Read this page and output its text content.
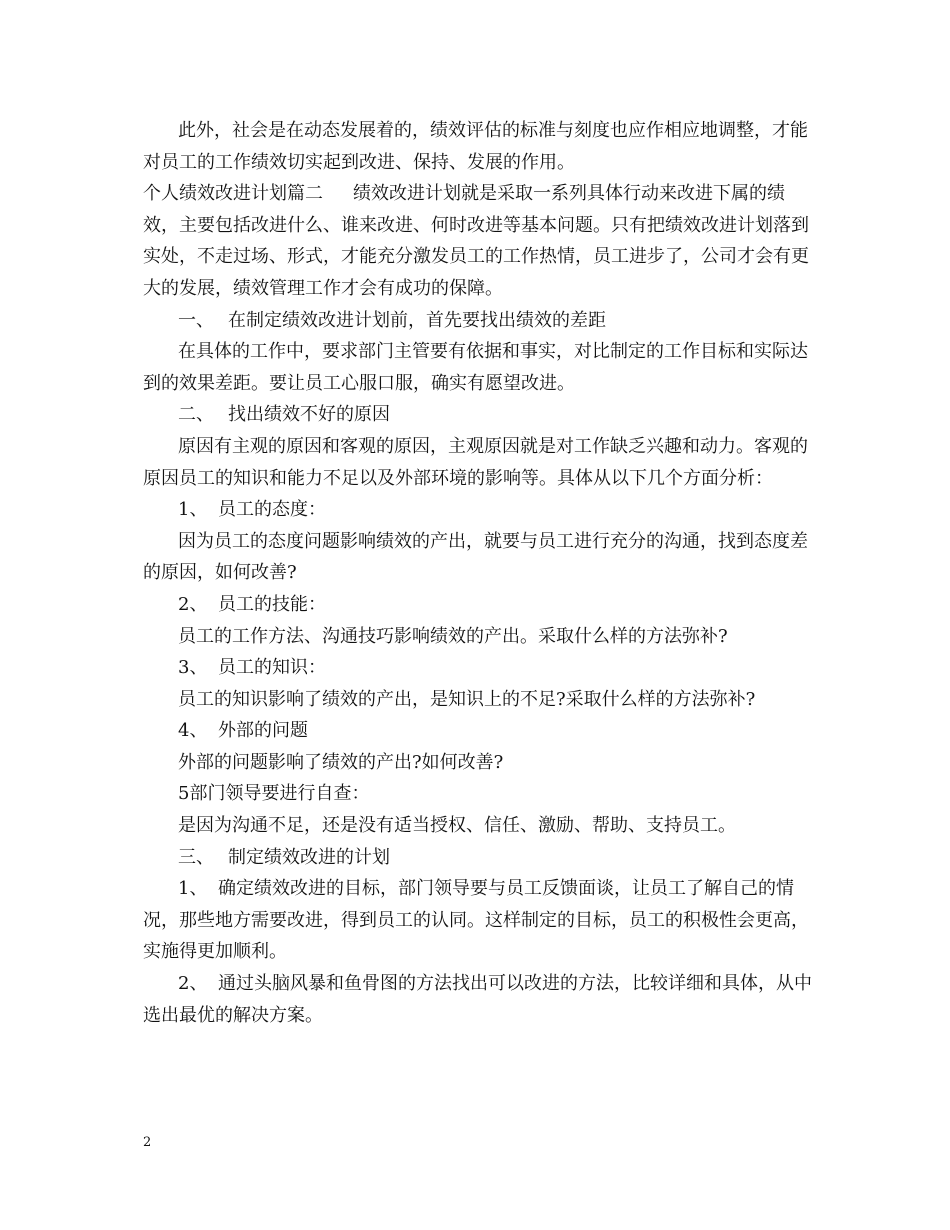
此外，社会是在动态发展着的，绩效评估的标准与刻度也应作相应地调整，才能对员工的工作绩效切实起到改进、保持、发展的作用。

个人绩效改进计划篇二 绩效改进计划就是采取一系列具体行动来改进下属的绩效，主要包括改进什么、谁来改进、何时改进等基本问题。只有把绩效改进计划落到实处，不走过场、形式，才能充分激发员工的工作热情，员工进步了，公司才会有更大的发展，绩效管理工作才会有成功的保障。

一、 在制定绩效改进计划前，首先要找出绩效的差距

在具体的工作中，要求部门主管要有依据和事实，对比制定的工作目标和实际达到的效果差距。要让员工心服口服，确实有愿望改进。

二、 找出绩效不好的原因

原因有主观的原因和客观的原因，主观原因就是对工作缺乏兴趣和动力。客观的原因员工的知识和能力不足以及外部环境的影响等。具体从以下几个方面分析：

1、 员工的态度：

因为员工的态度问题影响绩效的产出，就要与员工进行充分的沟通，找到态度差的原因，如何改善?

2、 员工的技能：

员工的工作方法、沟通技巧影响绩效的产出。采取什么样的方法弥补?

3、 员工的知识：

员工的知识影响了绩效的产出，是知识上的不足?采取什么样的方法弥补?

4、 外部的问题

外部的问题影响了绩效的产出?如何改善?

5部门领导要进行自查：

是因为沟通不足，还是没有适当授权、信任、激励、帮助、支持员工。

三、 制定绩效改进的计划

1、 确定绩效改进的目标，部门领导要与员工反馈面谈，让员工了解自己的情况，那些地方需要改进，得到员工的认同。这样制定的目标，员工的积极性会更高，实施得更加顺利。

2、 通过头脑风暴和鱼骨图的方法找出可以改进的方法，比较详细和具体，从中选出最优的解决方案。

2
